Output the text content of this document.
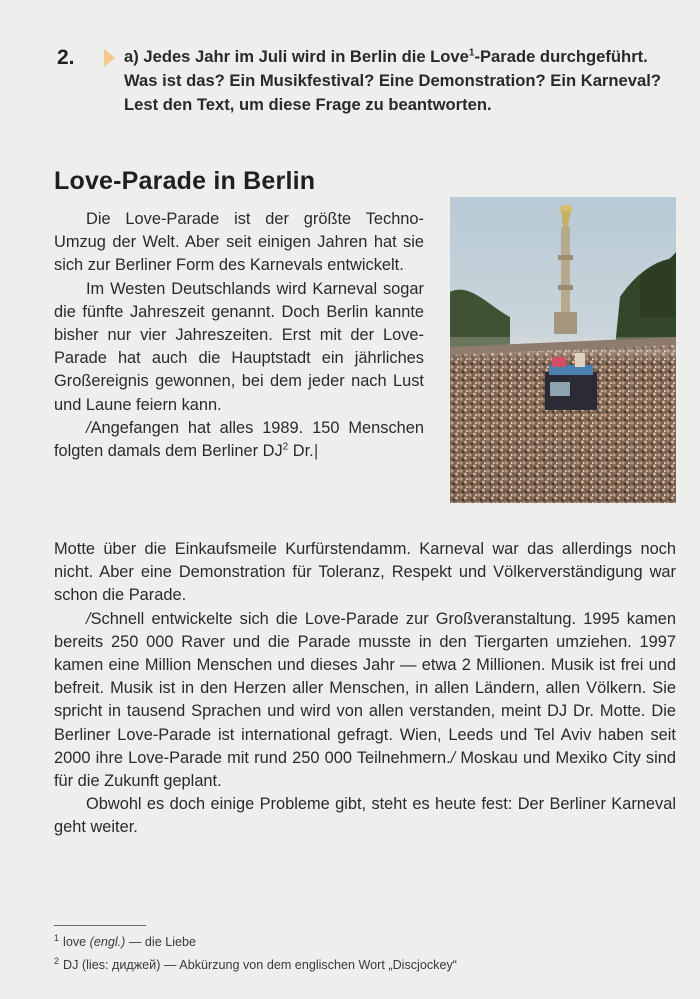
2.	a) Jedes Jahr im Juli wird in Berlin die Love$^1$-Parade durchgeführt. Was ist das? Ein Musikfestival? Eine Demonstration? Ein Karneval? Lest den Text, um diese Frage zu beantworten.
Love-Parade in Berlin

Die Love-Parade ist der größte Techno-Umzug der Welt. Aber seit einigen Jahren hat sie sich zur Berliner Form des Karnevals entwickelt.

Im Westen Deutschlands wird Karneval sogar die fünfte Jahreszeit genannt. Doch Berlin kannte bisher nur vier Jahreszeiten. Erst mit der Love-Parade hat auch die Hauptstadt ein jährliches Großereignis gewonnen, bei dem jeder nach Lust und Laune feiern kann.

/Angefangen hat alles 1989. 150 Menschen folgten damals dem Berliner $DJ^2$ Dr.|

Motte über die Einkaufsmeile Kurfürstendamm. Karneval war das allerdings noch nicht. Aber eine Demonstration für Toleranz, Respekt und Völkerverständigung war schon die Parade.

/Schnell entwickelte sich die Love-Parade zur Großveranstaltung. 1995 kamen bereits 250 000 Raver und die Parade musste in den Tiergarten umziehen. 1997 kamen eine Million Menschen und dieses Jahr — etwa 2 Millionen. Musik ist frei und befreit. Musik ist in den Herzen aller Menschen, in allen Ländern, allen Völkern. Sie spricht in tausend Sprachen und wird von allen verstanden, meint DJ Dr. Motte. Die Berliner Love-Parade ist international gefragt. Wien, Leeds und Tel Aviv haben seit 2000 ihre Love-Parade mit rund 250 000 Teilnehmern./ Moskau und Mexiko City sind für die Zukunft geplant.

Obwohl es doch einige Probleme gibt, steht es heute fest: Der Berliner Karneval geht weiter.

$^1$ love (engl.) — die Liebe
$^2$ DJ (lies: диджей) — Abkürzung von dem englischen Wort „Discjockey“
